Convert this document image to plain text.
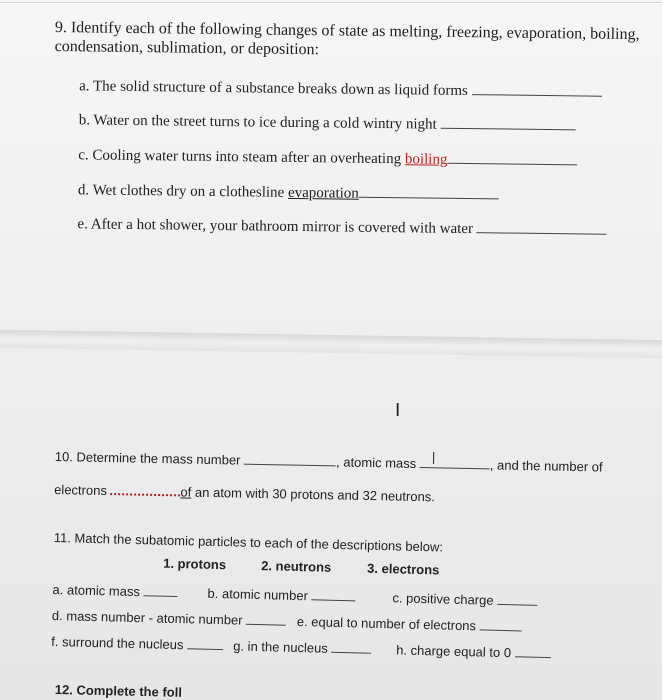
9. Identify each of the following changes of state as melting, freezing, evaporation, boiling,
condensation, sublimation, or deposition:
a. The solid structure of a substance breaks down as liquid forms
b. Water on the street turns to ice during a cold wintry night
c. Cooling water turns into steam after an overheating boiling
d. Wet clothes dry on a clothesline evaporation
e. After a hot shower, your bathroom mirror is covered with water
I
10. Determine the mass number	, atomic mass |
, and the number of
electrons	of an atom with 30 protons and 32 neutrons.
11. Match the subatomic particles to each of the descriptions below:
1. protons	2. neutrons	3. electrons
a. atomic mass	b. atomic number	c. positive charge
d. mass number - atomic number	e. equal to number of electrons
f. surround the nucleus	g. in the nucleus	h. charge equal to 0
12. Complete the foll
